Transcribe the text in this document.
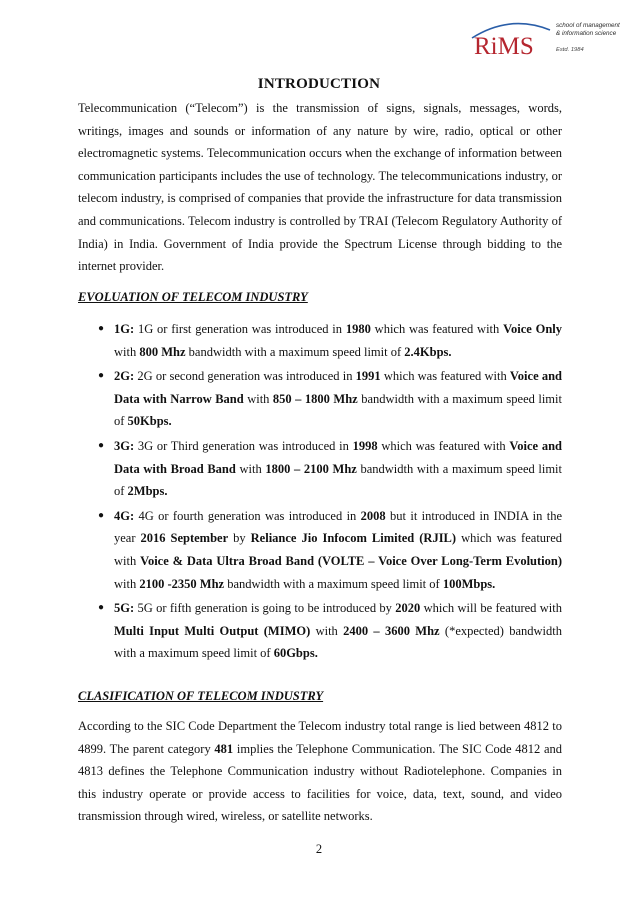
RiMS
school of management
& information science
Estd. 1984
INTRODUCTION
Telecommunication (“Telecom”) is the transmission of signs, signals, messages, words, writings, images and sounds or information of any nature by wire, radio, optical or other electromagnetic systems. Telecommunication occurs when the exchange of information between communication participants includes the use of technology. The telecommunications industry, or telecom industry, is comprised of companies that provide the infrastructure for data transmission and communications. Telecom industry is controlled by TRAI (Telecom Regulatory Authority of India) in India. Government of India provide the Spectrum License through bidding to the internet provider.
EVOLUATION OF TELECOM INDUSTRY
● 1G: 1G or first generation was introduced in 1980 which was featured with Voice Only with 800 Mhz bandwidth with a maximum speed limit of 2.4Kbps.
● 2G: 2G or second generation was introduced in 1991 which was featured with Voice and Data with Narrow Band with 850 – 1800 Mhz bandwidth with a maximum speed limit of 50Kbps.
● 3G: 3G or Third generation was introduced in 1998 which was featured with Voice and Data with Broad Band with 1800 – 2100 Mhz bandwidth with a maximum speed limit of 2Mbps.
● 4G: 4G or fourth generation was introduced in 2008 but it introduced in INDIA in the year 2016 September by Reliance Jio Infocom Limited (RJIL) which was featured with Voice & Data Ultra Broad Band (VOLTE – Voice Over Long-Term Evolution) with 2100 -2350 Mhz bandwidth with a maximum speed limit of 100Mbps.
● 5G: 5G or fifth generation is going to be introduced by 2020 which will be featured with Multi Input Multi Output (MIMO) with 2400 – 3600 Mhz (*expected) bandwidth with a maximum speed limit of 60Gbps.
CLASIFICATION OF TELECOM INDUSTRY
According to the SIC Code Department the Telecom industry total range is lied between 4812 to 4899. The parent category 481 implies the Telephone Communication. The SIC Code 4812 and 4813 defines the Telephone Communication industry without Radiotelephone. Companies in this industry operate or provide access to facilities for voice, data, text, sound, and video transmission through wired, wireless, or satellite networks.
2
